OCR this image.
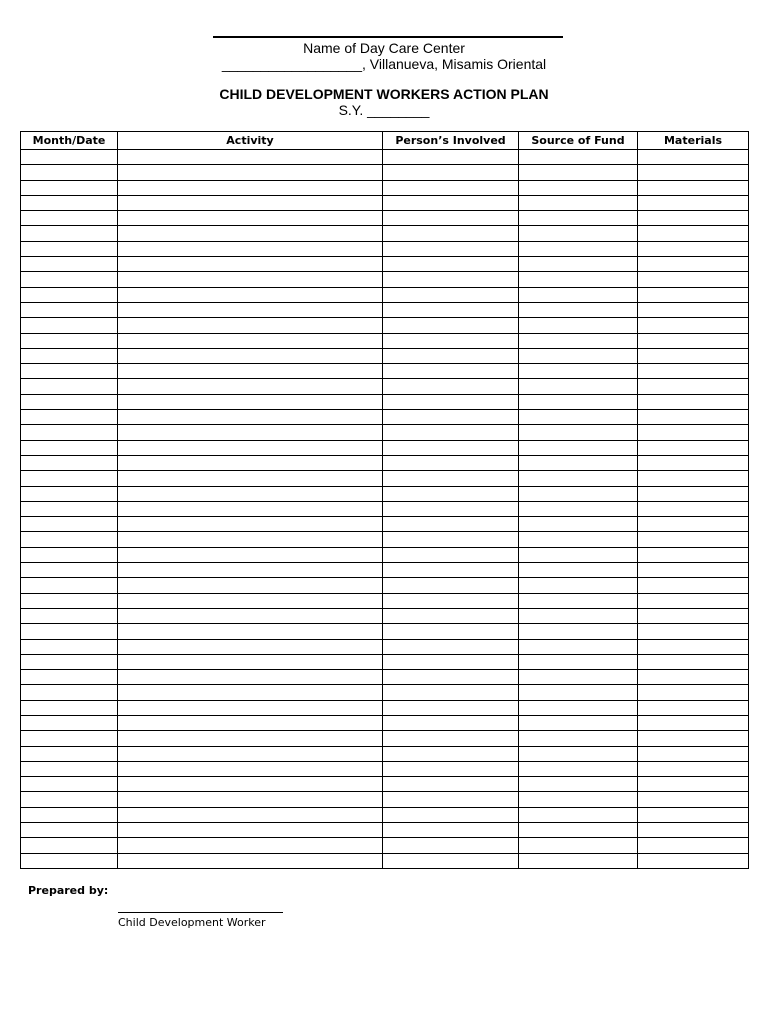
Name of Day Care Center
__________________, Villanueva, Misamis Oriental
CHILD DEVELOPMENT WORKERS ACTION PLAN
S.Y. ________
Month/Date	Activity	Person’s Involved	Source of Fund	Materials

Prepared by:
Child Development Worker
